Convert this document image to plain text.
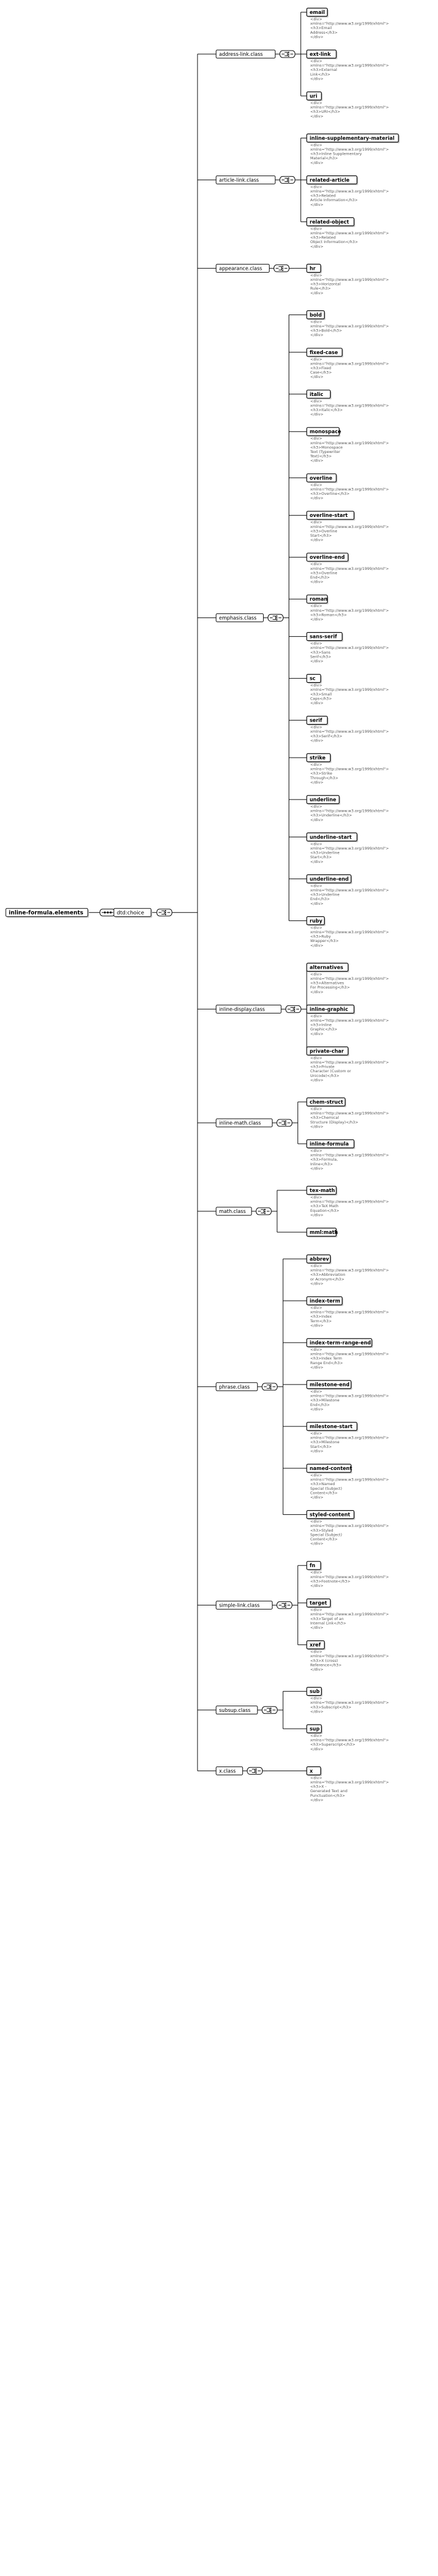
inline-formula.elements	dtd:choice
address-link.class
email
<div> xmlns="http://www.w3.org/1999/xhtml"> <h3>Email Address</h3> </div>
ext-link
<div> xmlns="http://www.w3.org/1999/xhtml"> <h3>External Link</h3> </div>
uri
<div> xmlns="http://www.w3.org/1999/xhtml"> <h3>URI</h3> </div>
article-link.class
inline-supplementary-material
<div> xmlns="http://www.w3.org/1999/xhtml"> <h3>Inline Supplementary Material</h3> </div>
related-article
<div> xmlns="http://www.w3.org/1999/xhtml"> <h3>Related Article Information</h3> </div>
related-object
<div> xmlns="http://www.w3.org/1999/xhtml"> <h3>Related Object Information</h3> </div>
appearance.class	hr
<div> xmlns="http://www.w3.org/1999/xhtml"> <h3>Horizontal Rule</h3> </div>
emphasis.class
bold
<div> xmlns="http://www.w3.org/1999/xhtml"> <h3>Bold</h3> </div>
fixed-case
<div> xmlns="http://www.w3.org/1999/xhtml"> <h3>Fixed Case</h3> </div>
italic
<div> xmlns="http://www.w3.org/1999/xhtml"> <h3>Italic</h3> </div>
monospace
<div> xmlns="http://www.w3.org/1999/xhtml"> <h3>Monospace Text (Typewriter Text)</h3> </div>
overline
<div> xmlns="http://www.w3.org/1999/xhtml"> <h3>Overline</h3> </div>
overline-start
<div> xmlns="http://www.w3.org/1999/xhtml"> <h3>Overline Start</h3> </div>
overline-end
<div> xmlns="http://www.w3.org/1999/xhtml"> <h3>Overline End</h3> </div>
roman
<div> xmlns="http://www.w3.org/1999/xhtml"> <h3>Roman</h3> </div>
sans-serif
<div> xmlns="http://www.w3.org/1999/xhtml"> <h3>Sans Serif</h3> </div>
sc
<div> xmlns="http://www.w3.org/1999/xhtml"> <h3>Small Caps</h3> </div>
serif
<div> xmlns="http://www.w3.org/1999/xhtml"> <h3>Serif</h3> </div>
strike
<div> xmlns="http://www.w3.org/1999/xhtml"> <h3>Strike Through</h3> </div>
underline
<div> xmlns="http://www.w3.org/1999/xhtml"> <h3>Underline</h3> </div>
underline-start
<div> xmlns="http://www.w3.org/1999/xhtml"> <h3>Underline Start</h3> </div>
underline-end
<div> xmlns="http://www.w3.org/1999/xhtml"> <h3>Underline End</h3> </div>
ruby
<div> xmlns="http://www.w3.org/1999/xhtml"> <h3>Ruby Wrapper</h3> </div>
inline-display.class
alternatives
<div> xmlns="http://www.w3.org/1999/xhtml"> <h3>Alternatives For Processing</h3> </div>
inline-graphic
<div> xmlns="http://www.w3.org/1999/xhtml"> <h3>Inline Graphic</h3> </div>
private-char
<div> xmlns="http://www.w3.org/1999/xhtml"> <h3>Private Character (Custom or Unicode)</h3> </div>
inline-math.class
chem-struct
<div> xmlns="http://www.w3.org/1999/xhtml"> <h3>Chemical Structure (Display)</h3> </div>
inline-formula
<div> xmlns="http://www.w3.org/1999/xhtml"> <h3>Formula, Inline</h3> </div>
math.class
tex-math
<div> xmlns="http://www.w3.org/1999/xhtml"> <h3>TeX Math Equation</h3> </div>
mml:math
phrase.class
abbrev
<div> xmlns="http://www.w3.org/1999/xhtml"> <h3>Abbreviation or Acronym</h3> </div>
index-term
<div> xmlns="http://www.w3.org/1999/xhtml"> <h3>Index Term</h3> </div>
index-term-range-end
<div> xmlns="http://www.w3.org/1999/xhtml"> <h3>Index Term Range End</h3> </div>
milestone-end
<div> xmlns="http://www.w3.org/1999/xhtml"> <h3>Milestone End</h3> </div>
milestone-start
<div> xmlns="http://www.w3.org/1999/xhtml"> <h3>Milestone Start</h3> </div>
named-content
<div> xmlns="http://www.w3.org/1999/xhtml"> <h3>Named Special (Subject) Content</h3> </div>
styled-content
<div> xmlns="http://www.w3.org/1999/xhtml"> <h3>Styled Special (Subject) Content</h3> </div>
simple-link.class
fn
<div> xmlns="http://www.w3.org/1999/xhtml"> <h3>Footnote</h3> </div>
target
<div> xmlns="http://www.w3.org/1999/xhtml"> <h3>Target of an Internal Link</h3> </div>
xref
<div> xmlns="http://www.w3.org/1999/xhtml"> <h3>X (cross) Reference</h3> </div>
subsup.class
sub
<div> xmlns="http://www.w3.org/1999/xhtml"> <h3>Subscript</h3> </div>
sup
<div> xmlns="http://www.w3.org/1999/xhtml"> <h3>Superscript</h3> </div>
x.class	x
<div> xmlns="http://www.w3.org/1999/xhtml"> <h3>X -Generated Text and Punctuation</h3> </div>
